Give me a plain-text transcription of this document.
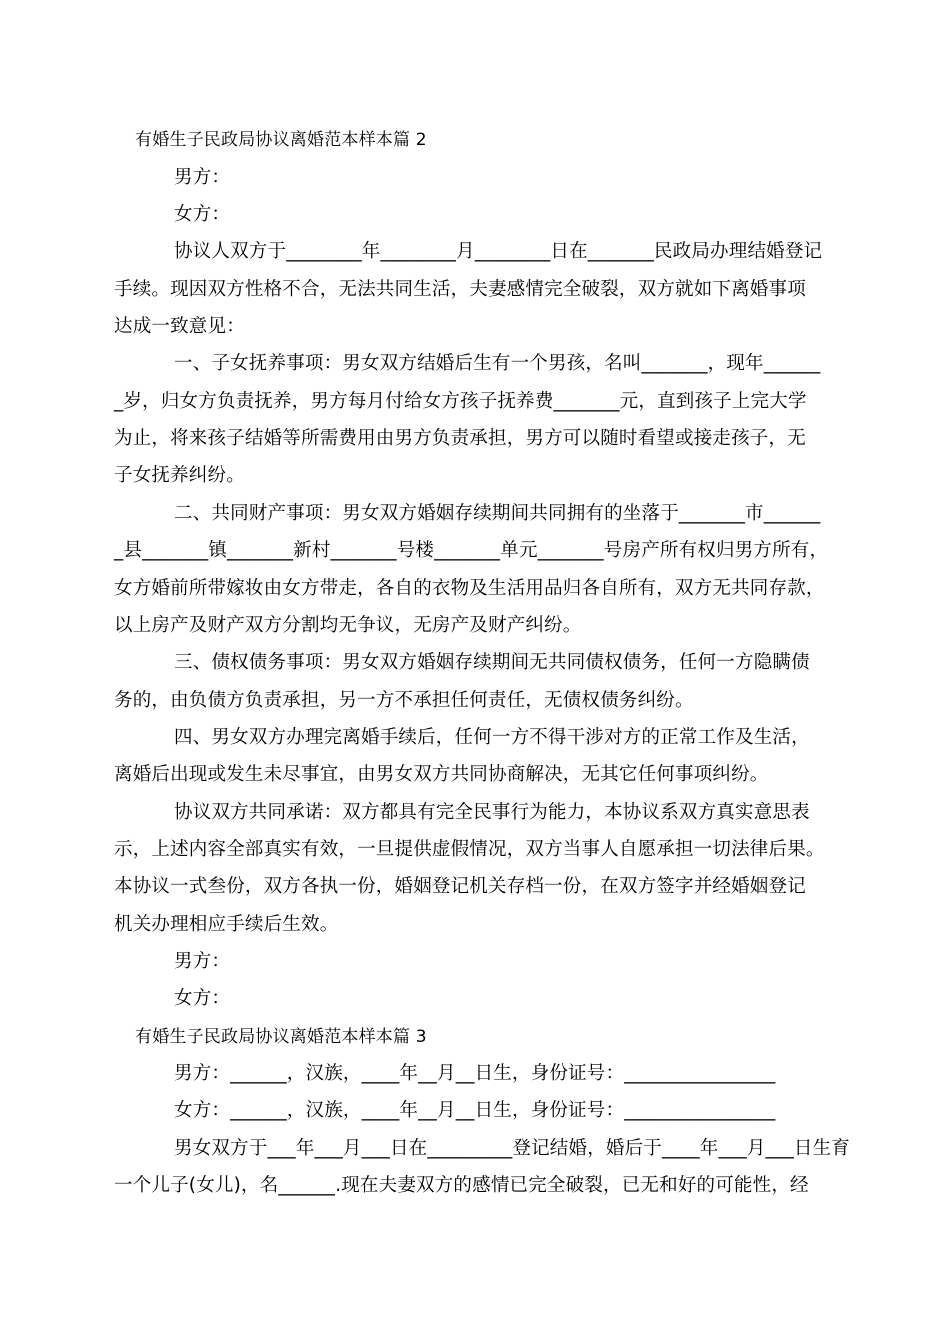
有婚生子民政局协议离婚范本样本篇 2
男方：
女方：
协议人双方于________年________月________日在_______民政局办理结婚登记
手续。现因双方性格不合，无法共同生活，夫妻感情完全破裂，双方就如下离婚事项
达成一致意见：
一、子女抚养事项：男女双方结婚后生有一个男孩，名叫_______，现年______
_岁，归女方负责抚养，男方每月付给女方孩子抚养费_______元，直到孩子上完大学
为止，将来孩子结婚等所需费用由男方负责承担，男方可以随时看望或接走孩子，无
子女抚养纠纷。
二、共同财产事项：男女双方婚姻存续期间共同拥有的坐落于_______市______
_县_______镇_______新村_______号楼_______单元_______号房产所有权归男方所有，
女方婚前所带嫁妆由女方带走，各自的衣物及生活用品归各自所有，双方无共同存款，
以上房产及财产双方分割均无争议，无房产及财产纠纷。
三、债权债务事项：男女双方婚姻存续期间无共同债权债务，任何一方隐瞒债
务的，由负债方负责承担，另一方不承担任何责任，无债权债务纠纷。
四、男女双方办理完离婚手续后，任何一方不得干涉对方的正常工作及生活，
离婚后出现或发生未尽事宜，由男女双方共同协商解决，无其它任何事项纠纷。
协议双方共同承诺：双方都具有完全民事行为能力，本协议系双方真实意思表
示，上述内容全部真实有效，一旦提供虚假情况，双方当事人自愿承担一切法律后果。
本协议一式叁份，双方各执一份，婚姻登记机关存档一份，在双方签字并经婚姻登记
机关办理相应手续后生效。
男方：
女方：
有婚生子民政局协议离婚范本样本篇 3
男方：______，汉族，____年__月__日生，身份证号：________________
女方：______，汉族，____年__月__日生，身份证号：________________
男女双方于___年___月___日在_________登记结婚，婚后于____年___月___日生育
一个儿子(女儿)，名______.现在夫妻双方的感情已完全破裂，已无和好的可能性，经
